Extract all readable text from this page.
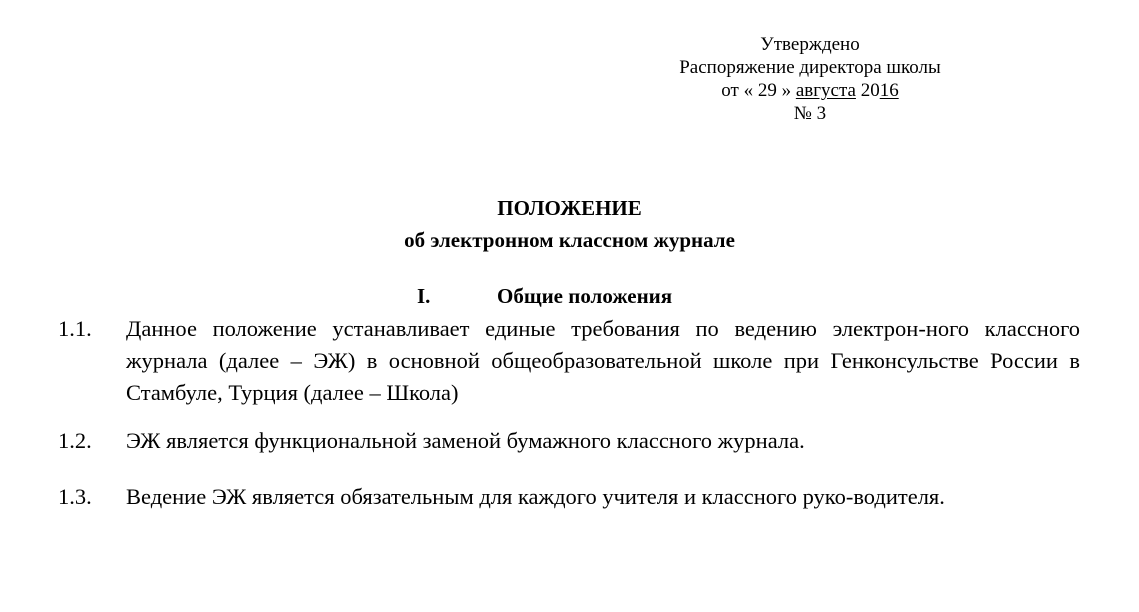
Утверждено
Распоряжение директора школы
от « 29 » августа 2016
№ 3
ПОЛОЖЕНИЕ
об электронном классном журнале
I.	Общие положения
1.1. Данное положение устанавливает единые требования по ведению электрон-ного классного журнала (далее – ЭЖ) в основной общеобразовательной школе при Генконсульстве России в Стамбуле, Турция (далее – Школа)
1.2. ЭЖ является функциональной заменой бумажного классного журнала.
1.3. Ведение ЭЖ является обязательным для каждого учителя и классного руко-водителя.
